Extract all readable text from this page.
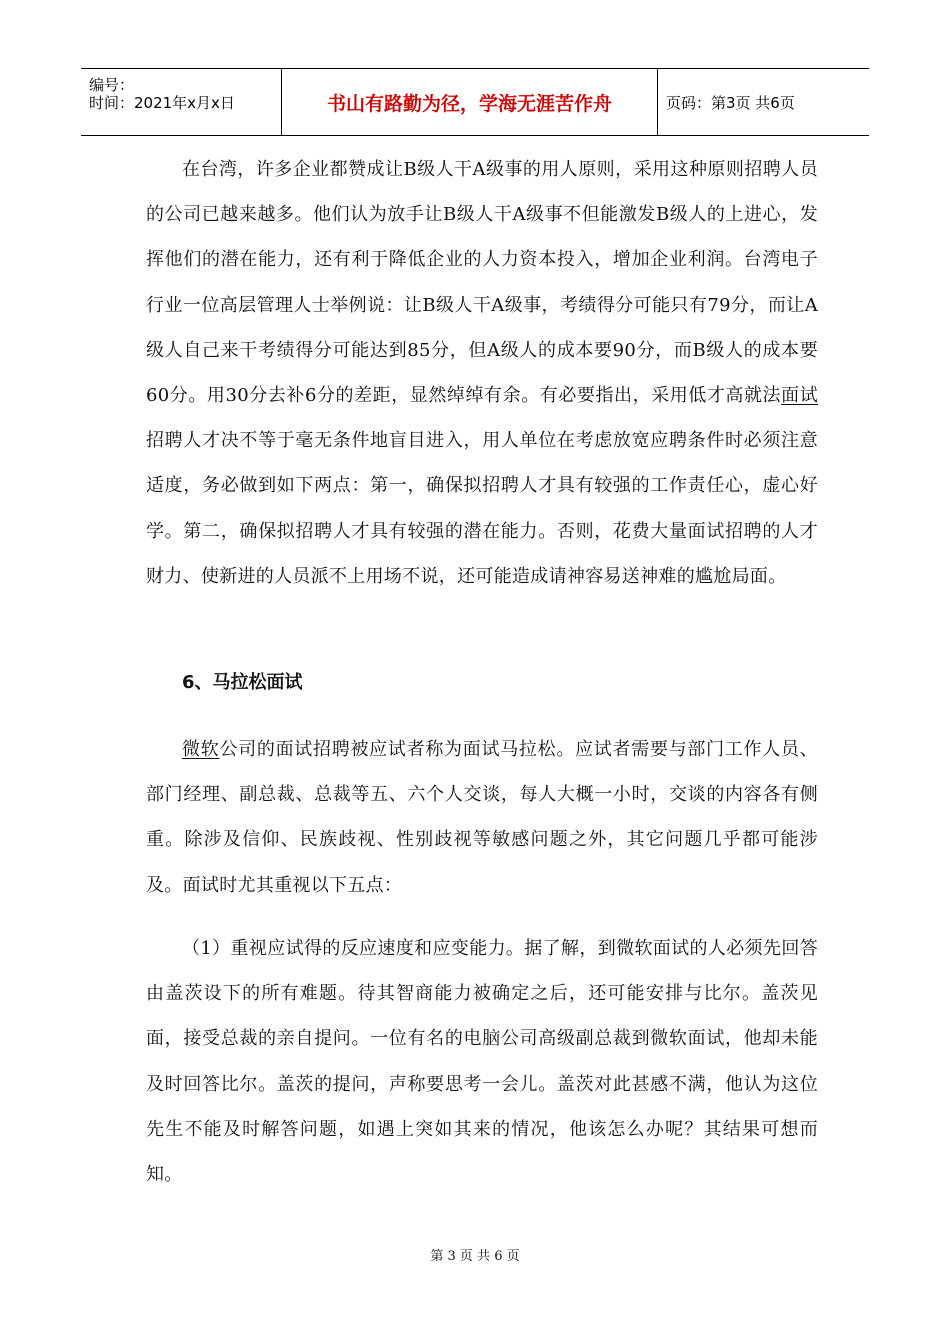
编号：
时间：2021年x月x日	书山有路勤为径，学海无涯苦作舟	页码：第3页 共6页

在台湾，许多企业都赞成让B级人干A级事的用人原则，采用这种原则招聘人员的公司已越来越多。他们认为放手让B级人干A级事不但能激发B级人的上进心，发挥他们的潜在能力，还有利于降低企业的人力资本投入，增加企业利润。台湾电子行业一位高层管理人士举例说：让B级人干A级事，考绩得分可能只有79分，而让A级人自己来干考绩得分可能达到85分，但A级人的成本要90分，而B级人的成本要60分。用30分去补6分的差距，显然绰绰有余。有必要指出，采用低才高就法面试招聘人才决不等于毫无条件地盲目进入，用人单位在考虑放宽应聘条件时必须注意适度，务必做到如下两点：第一，确保拟招聘人才具有较强的工作责任心，虚心好学。第二，确保拟招聘人才具有较强的潜在能力。否则，花费大量面试招聘的人才财力、使新进的人员派不上用场不说，还可能造成请神容易送神难的尴尬局面。

6、马拉松面试

微软公司的面试招聘被应试者称为面试马拉松。应试者需要与部门工作人员、部门经理、副总裁、总裁等五、六个人交谈，每人大概一小时，交谈的内容各有侧重。除涉及信仰、民族歧视、性别歧视等敏感问题之外，其它问题几乎都可能涉及。面试时尤其重视以下五点：

（1）重视应试得的反应速度和应变能力。据了解，到微软面试的人必须先回答由盖茨设下的所有难题。待其智商能力被确定之后，还可能安排与比尔。盖茨见面，接受总裁的亲自提问。一位有名的电脑公司高级副总裁到微软面试，他却未能及时回答比尔。盖茨的提问，声称要思考一会儿。盖茨对此甚感不满，他认为这位先生不能及时解答问题，如遇上突如其来的情况，他该怎么办呢？其结果可想而知。

第 3 页 共 6 页
